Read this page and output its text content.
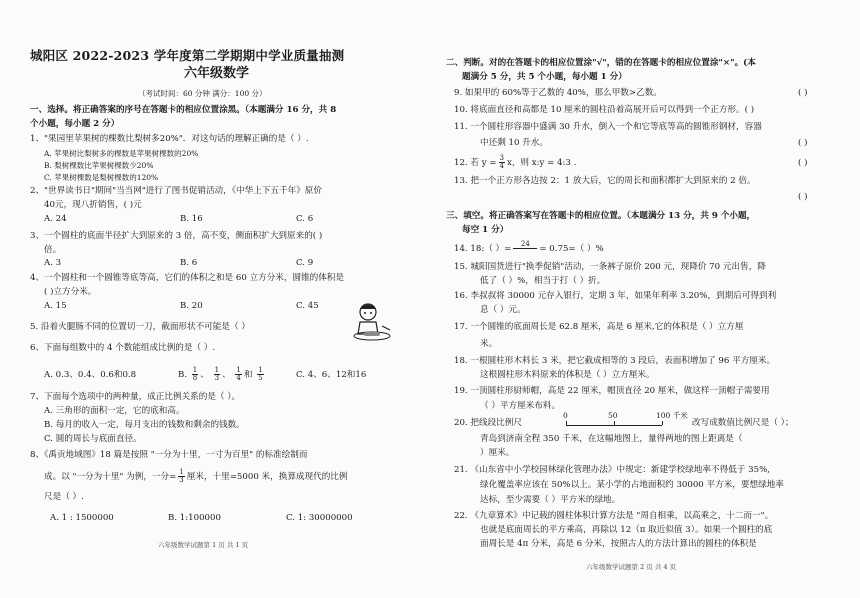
城阳区 2022-2023 学年度第二学期期中学业质量抽测
六年级数学
（考试时间：60 分钟 满分：100 分）
一、选择。将正确答案的序号在答题卡的相应位置涂黑。（本题满分 16 分，共 8
个小题，每小题 2 分）
1、"果园里苹果树的棵数比梨树多20%"．对这句话的理解正确的是（ ）.
A. 苹果树比梨树多的棵数是苹果树棵数的20%
B. 梨树棵数比苹果树棵数少20%
C. 苹果树棵数是梨树棵数的120%
2、"世界读书日"期间"当当网"进行了图书促销活动，《中华上下五千年》原价
40元，现八折销售，( )元
A. 24	B. 16	C. 6
3、一个圆柱的底面半径扩大到原来的 3 倍，高不变，侧面积扩大到原来的( )
倍。
A. 3	B. 6	C. 9
4、一个圆柱和一个圆锥等底等高，它们的体积之和是 60 立方分米，圆锥的体积是
( )立方分米。
A. 15	B. 20	C. 45
5. 沿着火腿肠不同的位置切一刀，截面形状不可能是（ ）
6、下面每组数中的 4 个数能组成比例的是（ ）.
A. 0.3、0.4、0.6和0.8	B. $\frac{1}{8}$ 、 $\frac{1}{3}$ 、 $\frac{1}{4}$ 和 $\frac{1}{5}$	C. 4、6、12和16
7、下面每个选项中的两种量，成正比例关系的是（ ）。
A. 三角形的面积一定，它的底和高。
B. 每月的收入一定，每月支出的钱数和剩余的钱数。
C. 圆的周长与底面直径。
8、《禹贡地域图》18 篇是按照 "一分为十里，一寸为百里" 的标准绘制而
成。以 "一分为十里" 为例，一分= $\frac{1}{3}$ 厘米，十里=5000 米，换算成现代的比例
尺是（ ）.
A. 1 : 1500000	B. 1:100000	C. 1: 30000000
六年级数学试题第 1 页 共 1 页
二、判断。对的在答题卡的相应位置涂"√"，错的在答题卡的相应位置涂"×"。(本
题满分 5 分，共 5 个小题，每小题 1 分）
9. 如果甲的 60%等于乙数的 40%，那么甲数>乙数。	( )
10. 将底面直径和高都是 10 厘米的圆柱沿着高展开后可以得到一个正方形。( )
11. 一个圆柱形容器中盛满 30 升水，倒入一个和它等底等高的圆锥形钢材，容器
中还剩 10 升水。	( )
12. 若 $y = \frac{3}{4}$ x，则 x:y = 4:3 .	( )
13. 把一个正方形各边按 2：1 放大后，它的周长和面积都扩大到原来的 2 倍。
( )
三、填空。将正确答案写在答题卡的相应位置。（本题满分 13 分，共 9 个小题，
每空 1 分）
14. 18:（ ）=	24
	= 0.75=（ ）%
15. 城阳国货进行"换季促销"活动，一条裤子原价 200 元，现降价 70 元出售，降
低了（ ）%，相当于打（ ）折。
16. 李叔叔将 30000 元存入银行，定期 3 年，如果年利率 3.20%，到期后可得到利
息（ ）元。
17. 一个圆锥的底面周长是 62.8 厘米，高是 6 厘米,它的体积是（ ）立方厘
米。
18. 一根圆柱形木料长 3 米，把它截成相等的 3 段后，表面积增加了 96 平方厘米。
这根圆柱形木料原来的体积是（ ）立方厘米。
19. 一顶圆柱形厨师帽，高是 22 厘米，帽顶直径 20 厘米，做这样一顶帽子需要用
（ ）平方厘米布料。
20. 把线段比例尺
0	50	100 千米
改写成数值比例尺是（ ）；
青岛到济南全程 350 千米，在这幅地图上，量得两地的图上距离是（
）厘米。
21. 《山东省中小学校园林绿化管理办法》中规定：新建学校绿地率不得低于 35%,
绿化覆盖率应该在 50%以上。某小学的占地面积约 30000 平方米，要想绿地率
达标，至少需要（ ）平方米的绿地。
22. 《九章算术》中记载的圆柱体积计算方法是 "周自相乘，以高乘之，十二而一"。
也就是底面周长的平方乘高，再除以 12（π 取近似值 3）。如果一个圆柱的底
面周长是 4π 分米，高是 6 分米，按照古人的方法计算出的圆柱的体积是
六年级数学试题第 2 页 共 4 页
